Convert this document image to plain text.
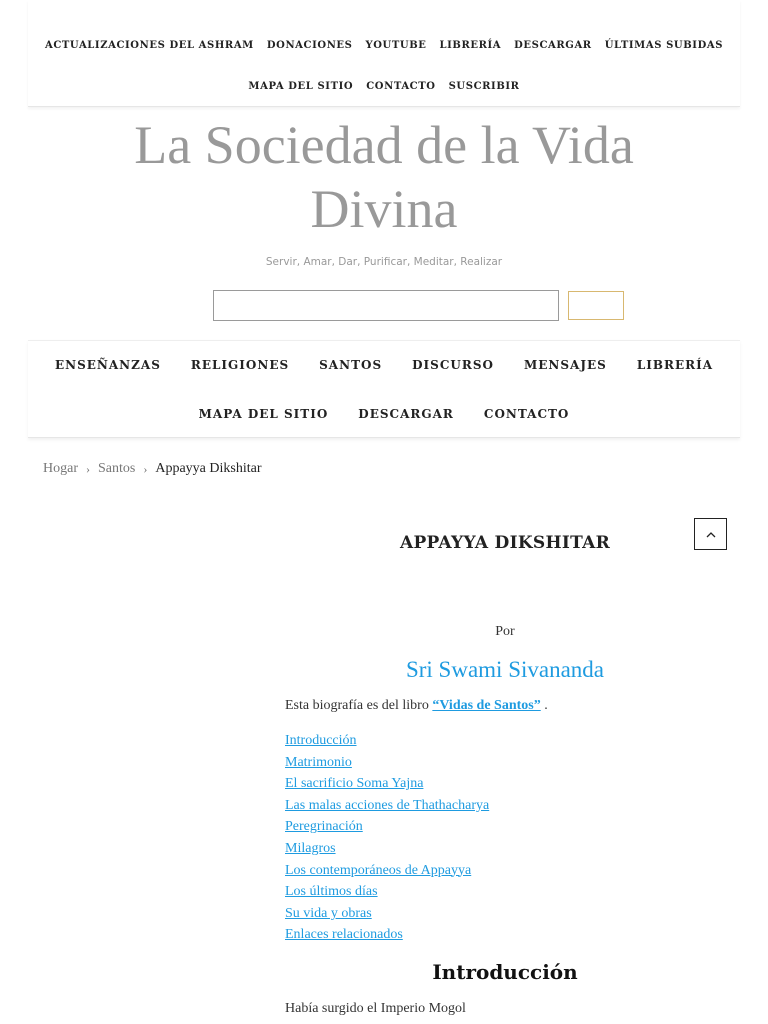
ACTUALIZACIONES DEL ASHRAM DONACIONES YOUTUBE LIBRERÍA DESCARGAR ÚLTIMAS SUBIDAS
MAPA DEL SITIO CONTACTO SUSCRIBIR
La Sociedad de la Vida
Divina
Servir, Amar, Dar, Purificar, Meditar, Realizar
ENSEÑANZAS	RELIGIONES	SANTOS	DISCURSO	MENSAJES	LIBRERÍA
MAPA DEL SITIO	DESCARGAR	CONTACTO
Hogar › Santos › Appayya Dikshitar
APPAYYA DIKSHITAR
Por
Sri Swami Sivananda

Esta biografía es del libro “Vidas de Santos” .

Introducción
Matrimonio
El sacrificio Soma Yajna
Las malas acciones de Thathacharya
Peregrinación
Milagros
Los contemporáneos de Appayya
Los últimos días
Su vida y obras
Enlaces relacionados
Introducción

Había surgido el Imperio Mogol
